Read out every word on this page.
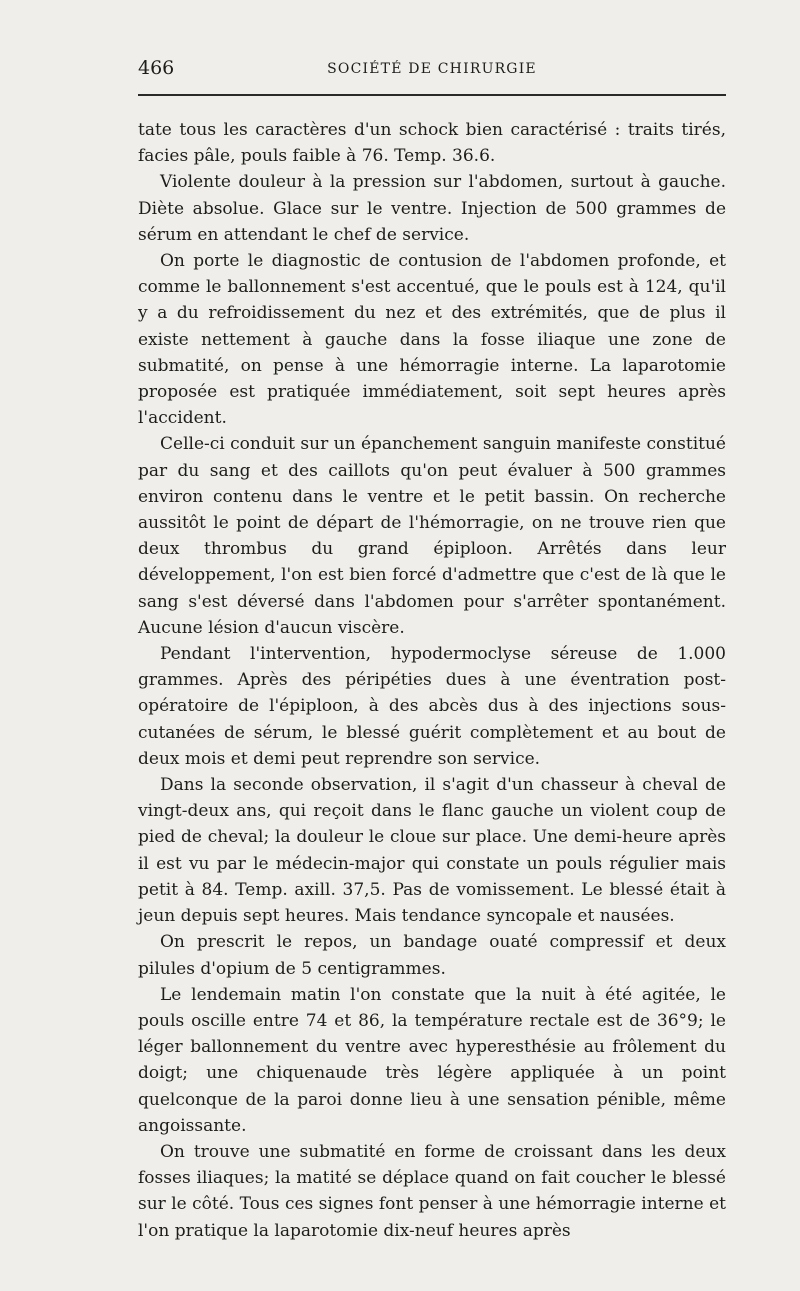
466	SOCIÉTÉ DE CHIRURGIE

tate tous les caractères d'un schock bien caractérisé : traits tirés, facies pâle, pouls faible à 76. Temp. 36.6.

Violente douleur à la pression sur l'abdomen, surtout à gauche. Diète absolue. Glace sur le ventre. Injection de 500 grammes de sérum en attendant le chef de service.

On porte le diagnostic de contusion de l'abdomen profonde, et comme le ballonnement s'est accentué, que le pouls est à 124, qu'il y a du refroidissement du nez et des extrémités, que de plus il existe nettement à gauche dans la fosse iliaque une zone de submatité, on pense à une hémorragie interne. La laparotomie proposée est pratiquée immédiatement, soit sept heures après l'accident.

Celle-ci conduit sur un épanchement sanguin manifeste constitué par du sang et des caillots qu'on peut évaluer à 500 grammes environ contenu dans le ventre et le petit bassin. On recherche aussitôt le point de départ de l'hémorragie, on ne trouve rien que deux thrombus du grand épiploon. Arrêtés dans leur développement, l'on est bien forcé d'admettre que c'est de là que le sang s'est déversé dans l'abdomen pour s'arrêter spontanément. Aucune lésion d'aucun viscère.

Pendant l'intervention, hypodermoclyse séreuse de 1.000 grammes. Après des péripéties dues à une éventration post-opératoire de l'épiploon, à des abcès dus à des injections sous-cutanées de sérum, le blessé guérit complètement et au bout de deux mois et demi peut reprendre son service.

Dans la seconde observation, il s'agit d'un chasseur à cheval de vingt-deux ans, qui reçoit dans le flanc gauche un violent coup de pied de cheval; la douleur le cloue sur place. Une demi-heure après il est vu par le médecin-major qui constate un pouls régulier mais petit à 84. Temp. axill. 37,5. Pas de vomissement. Le blessé était à jeun depuis sept heures. Mais tendance syncopale et nausées.

On prescrit le repos, un bandage ouaté compressif et deux pilules d'opium de 5 centigrammes.

Le lendemain matin l'on constate que la nuit à été agitée, le pouls oscille entre 74 et 86, la température rectale est de 36°9; le léger ballonnement du ventre avec hyperesthésie au frôlement du doigt; une chiquenaude très légère appliquée à un point quelconque de la paroi donne lieu à une sensation pénible, même angoissante.

On trouve une submatité en forme de croissant dans les deux fosses iliaques; la matité se déplace quand on fait coucher le blessé sur le côté. Tous ces signes font penser à une hémorragie interne et l'on pratique la laparotomie dix-neuf heures après
